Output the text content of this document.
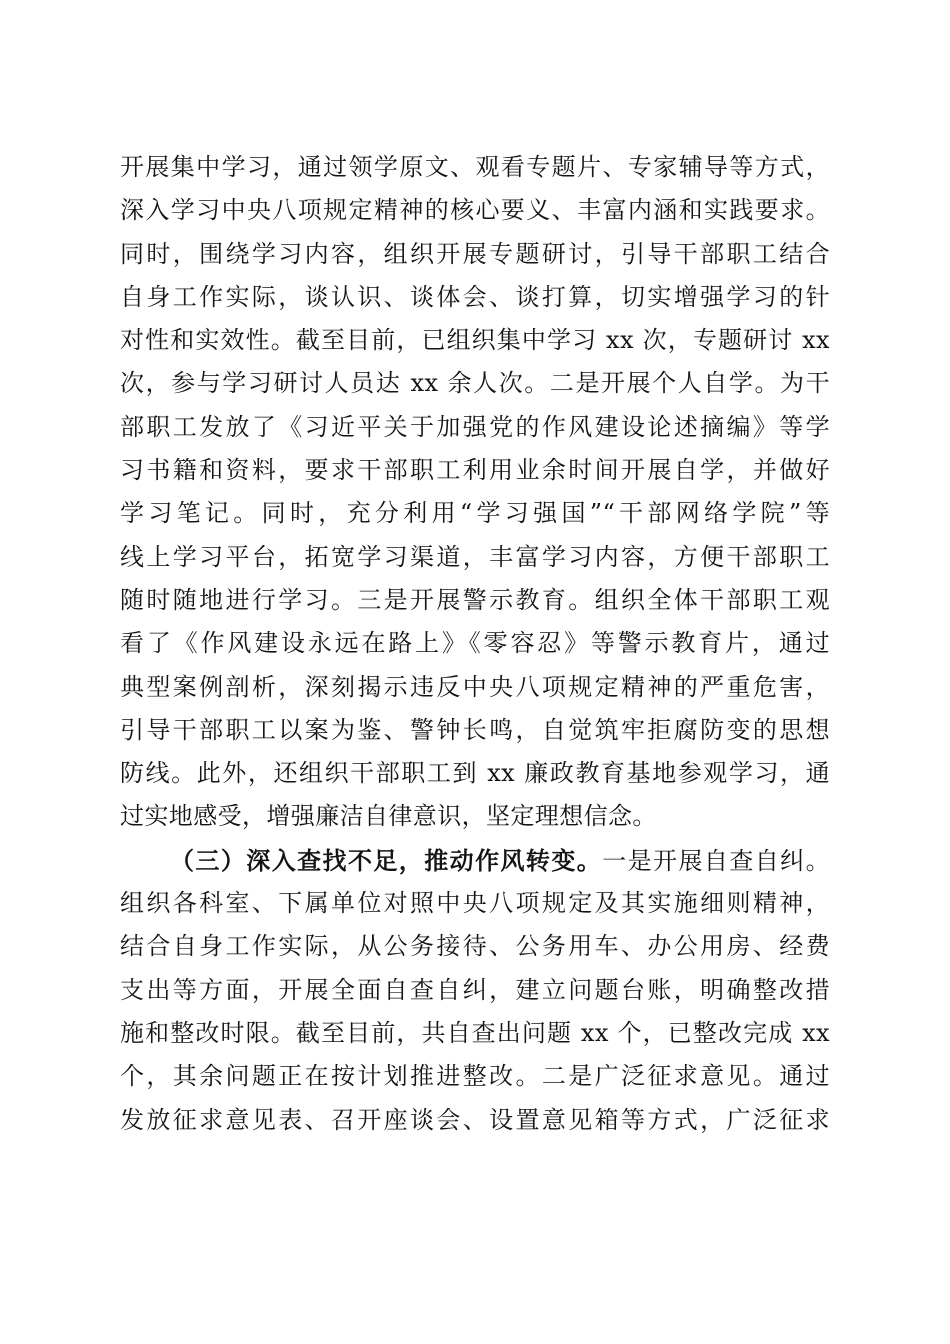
开展集中学习，通过领学原文、观看专题片、专家辅导等方式，
深入学习中央八项规定精神的核心要义、丰富内涵和实践要求。
同时，围绕学习内容，组织开展专题研讨，引导干部职工结合
自身工作实际，谈认识、谈体会、谈打算，切实增强学习的针
对性和实效性。截至目前，已组织集中学习 xx 次，专题研讨 xx
次，参与学习研讨人员达 xx 余人次。二是开展个人自学。为干
部职工发放了《习近平关于加强党的作风建设论述摘编》等学
习书籍和资料，要求干部职工利用业余时间开展自学，并做好
学习笔记。同时，充分利用“学习强国”“干部网络学院”等
线上学习平台，拓宽学习渠道，丰富学习内容，方便干部职工
随时随地进行学习。三是开展警示教育。组织全体干部职工观
看了《作风建设永远在路上》《零容忍》等警示教育片，通过
典型案例剖析，深刻揭示违反中央八项规定精神的严重危害，
引导干部职工以案为鉴、警钟长鸣，自觉筑牢拒腐防变的思想
防线。此外，还组织干部职工到 xx 廉政教育基地参观学习，通
过实地感受，增强廉洁自律意识，坚定理想信念。
（三）深入查找不足，推动作风转变。一是开展自查自纠。
组织各科室、下属单位对照中央八项规定及其实施细则精神，
结合自身工作实际，从公务接待、公务用车、办公用房、经费
支出等方面，开展全面自查自纠，建立问题台账，明确整改措
施和整改时限。截至目前，共自查出问题 xx 个，已整改完成 xx
个，其余问题正在按计划推进整改。二是广泛征求意见。通过
发放征求意见表、召开座谈会、设置意见箱等方式，广泛征求
